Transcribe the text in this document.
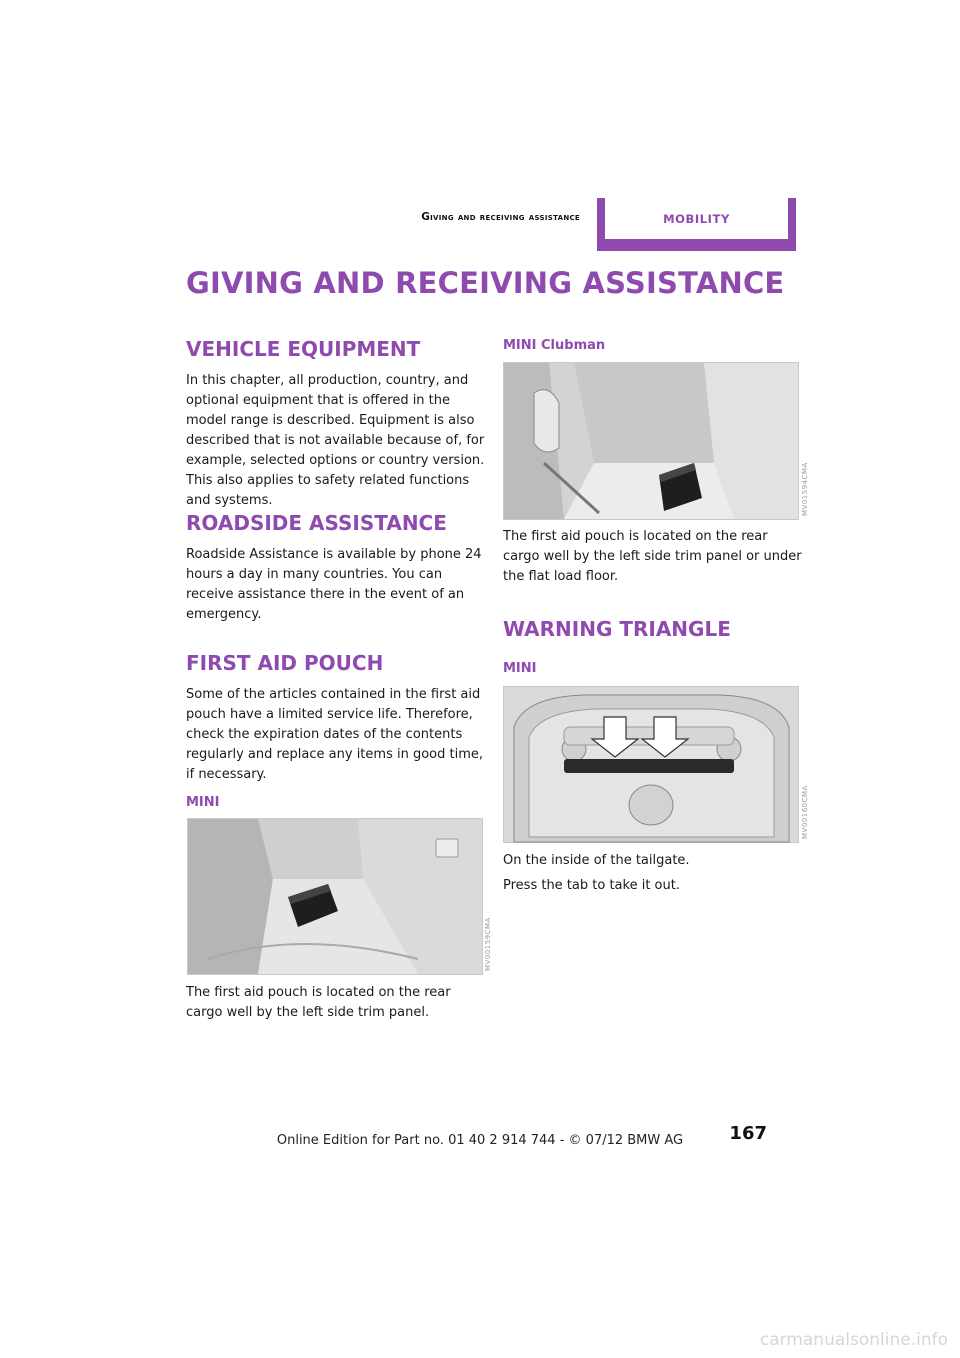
Giving and receiving assistance	MOBILITY
GIVING AND RECEIVING ASSISTANCE
VEHICLE EQUIPMENT

In this chapter, all production, country, and optional equipment that is offered in the model range is described. Equipment is also described that is not available because of, for example, selected options or country version. This also applies to safety related functions and systems.

ROADSIDE ASSISTANCE

Roadside Assistance is available by phone 24 hours a day in many countries. You can receive assistance there in the event of an emergency.

FIRST AID POUCH

Some of the articles contained in the first aid pouch have a limited service life. Therefore, check the expiration dates of the contents regularly and replace any items in good time, if necessary.

MINI
MV00159CMA

The first aid pouch is located on the rear cargo well by the left side trim panel.

MINI Clubman
MV01594CMA

The first aid pouch is located on the rear cargo well by the left side trim panel or under the flat load floor.

WARNING TRIANGLE
MINI
MV00160CMA

On the inside of the tailgate.

Press the tab to take it out.

167
Online Edition for Part no. 01 40 2 914 744 - © 07/12 BMW AG
carmanualsonline.info
